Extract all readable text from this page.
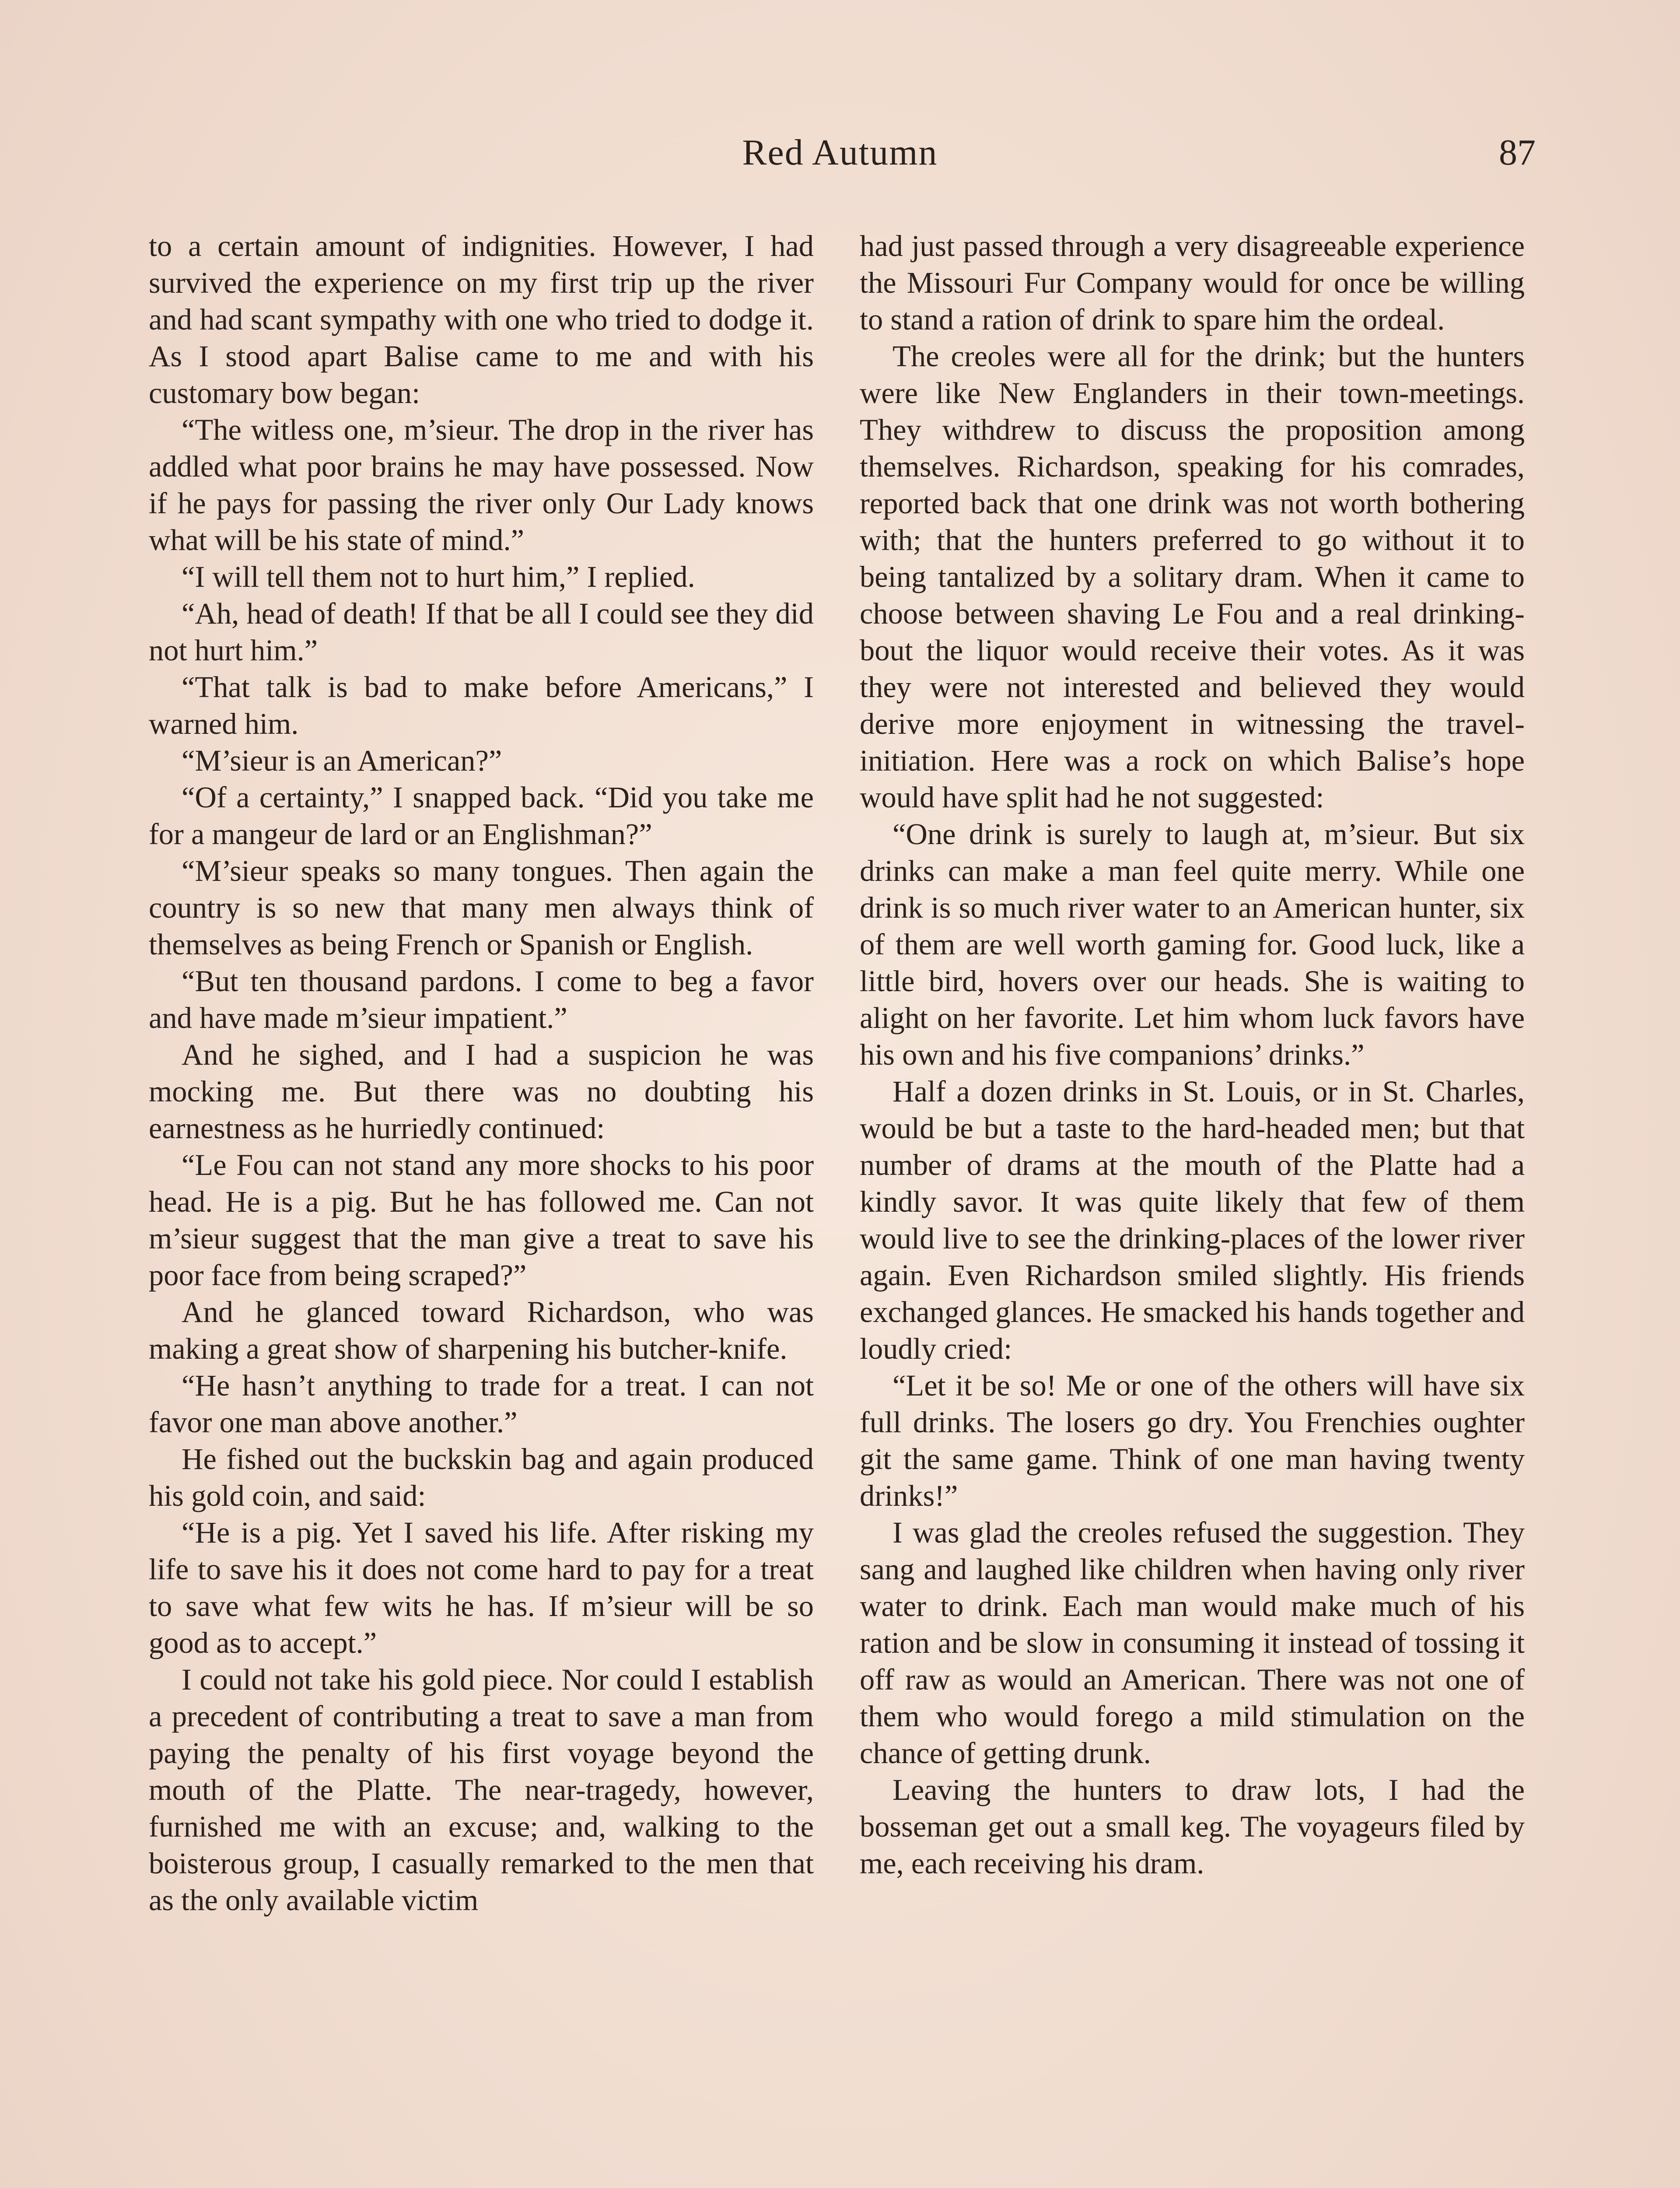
Red Autumn	87

to a certain amount of indignities. However, I had survived the experience on my first trip up the river and had scant sympathy with one who tried to dodge it. As I stood apart Balise came to me and with his customary bow began:

“The witless one, m’sieur. The drop in the river has addled what poor brains he may have possessed. Now if he pays for passing the river only Our Lady knows what will be his state of mind.”

“I will tell them not to hurt him,” I replied.

“Ah, head of death! If that be all I could see they did not hurt him.”

“That talk is bad to make before Americans,” I warned him.

“M’sieur is an American?”

“Of a certainty,” I snapped back. “Did you take me for a mangeur de lard or an Englishman?”

“M’sieur speaks so many tongues. Then again the country is so new that many men always think of themselves as being French or Spanish or English.

“But ten thousand pardons. I come to beg a favor and have made m’sieur impatient.”

And he sighed, and I had a suspicion he was mocking me. But there was no doubting his earnestness as he hurriedly continued:

“Le Fou can not stand any more shocks to his poor head. He is a pig. But he has followed me. Can not m’sieur suggest that the man give a treat to save his poor face from being scraped?”

And he glanced toward Richardson, who was making a great show of sharpening his butcher-knife.

“He hasn’t anything to trade for a treat. I can not favor one man above another.”

He fished out the buckskin bag and again produced his gold coin, and said:

“He is a pig. Yet I saved his life. After risking my life to save his it does not come hard to pay for a treat to save what few wits he has. If m’sieur will be so good as to accept.”

I could not take his gold piece. Nor could I establish a precedent of contributing a treat to save a man from paying the penalty of his first voyage beyond the mouth of the Platte. The near-tragedy, however, furnished me with an excuse; and, walking to the boisterous group, I casually remarked to the men that as the only available victim

had just passed through a very disagreeable experience the Missouri Fur Company would for once be willing to stand a ration of drink to spare him the ordeal.

The creoles were all for the drink; but the hunters were like New Englanders in their town-meetings. They withdrew to discuss the proposition among themselves. Richardson, speaking for his comrades, reported back that one drink was not worth bothering with; that the hunters preferred to go without it to being tantalized by a solitary dram. When it came to choose between shaving Le Fou and a real drinking-bout the liquor would receive their votes. As it was they were not interested and believed they would derive more enjoyment in witnessing the travel-initiation. Here was a rock on which Balise’s hope would have split had he not suggested:

“One drink is surely to laugh at, m’sieur. But six drinks can make a man feel quite merry. While one drink is so much river water to an American hunter, six of them are well worth gaming for. Good luck, like a little bird, hovers over our heads. She is waiting to alight on her favorite. Let him whom luck favors have his own and his five companions’ drinks.”

Half a dozen drinks in St. Louis, or in St. Charles, would be but a taste to the hard-headed men; but that number of drams at the mouth of the Platte had a kindly savor. It was quite likely that few of them would live to see the drinking-places of the lower river again. Even Richardson smiled slightly. His friends exchanged glances. He smacked his hands together and loudly cried:

“Let it be so! Me or one of the others will have six full drinks. The losers go dry. You Frenchies oughter git the same game. Think of one man having twenty drinks!”

I was glad the creoles refused the suggestion. They sang and laughed like children when having only river water to drink. Each man would make much of his ration and be slow in consuming it instead of tossing it off raw as would an American. There was not one of them who would forego a mild stimulation on the chance of getting drunk.

Leaving the hunters to draw lots, I had the bosseman get out a small keg. The voyageurs filed by me, each receiving his dram.
